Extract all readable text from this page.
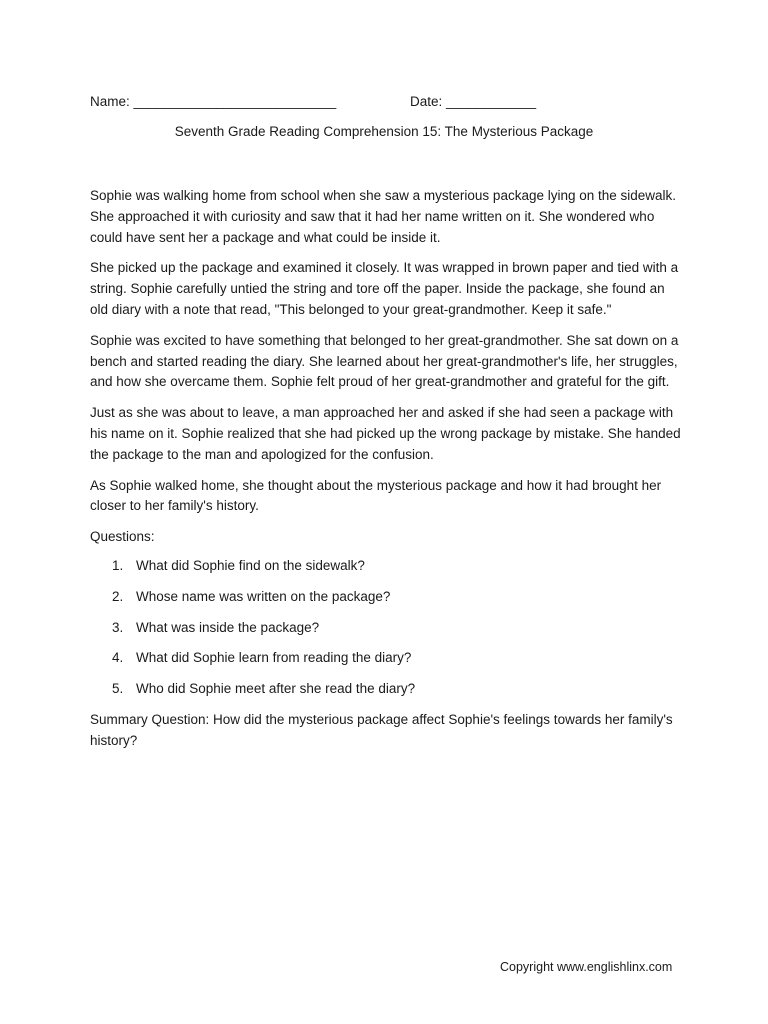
Name: ___________________________	Date: ____________
Seventh Grade Reading Comprehension 15: The Mysterious Package

Sophie was walking home from school when she saw a mysterious package lying on the sidewalk. She approached it with curiosity and saw that it had her name written on it. She wondered who could have sent her a package and what could be inside it.

She picked up the package and examined it closely. It was wrapped in brown paper and tied with a string. Sophie carefully untied the string and tore off the paper. Inside the package, she found an old diary with a note that read, "This belonged to your great-grandmother. Keep it safe."

Sophie was excited to have something that belonged to her great-grandmother. She sat down on a bench and started reading the diary. She learned about her great-grandmother's life, her struggles, and how she overcame them. Sophie felt proud of her great-grandmother and grateful for the gift.

Just as she was about to leave, a man approached her and asked if she had seen a package with his name on it. Sophie realized that she had picked up the wrong package by mistake. She handed the package to the man and apologized for the confusion.

As Sophie walked home, she thought about the mysterious package and how it had brought her closer to her family's history.

Questions:

1. What did Sophie find on the sidewalk?
2. Whose name was written on the package?
3. What was inside the package?
4. What did Sophie learn from reading the diary?
5. Who did Sophie meet after she read the diary?

Summary Question: How did the mysterious package affect Sophie's feelings towards her family's history?

Copyright www.englishlinx.com
